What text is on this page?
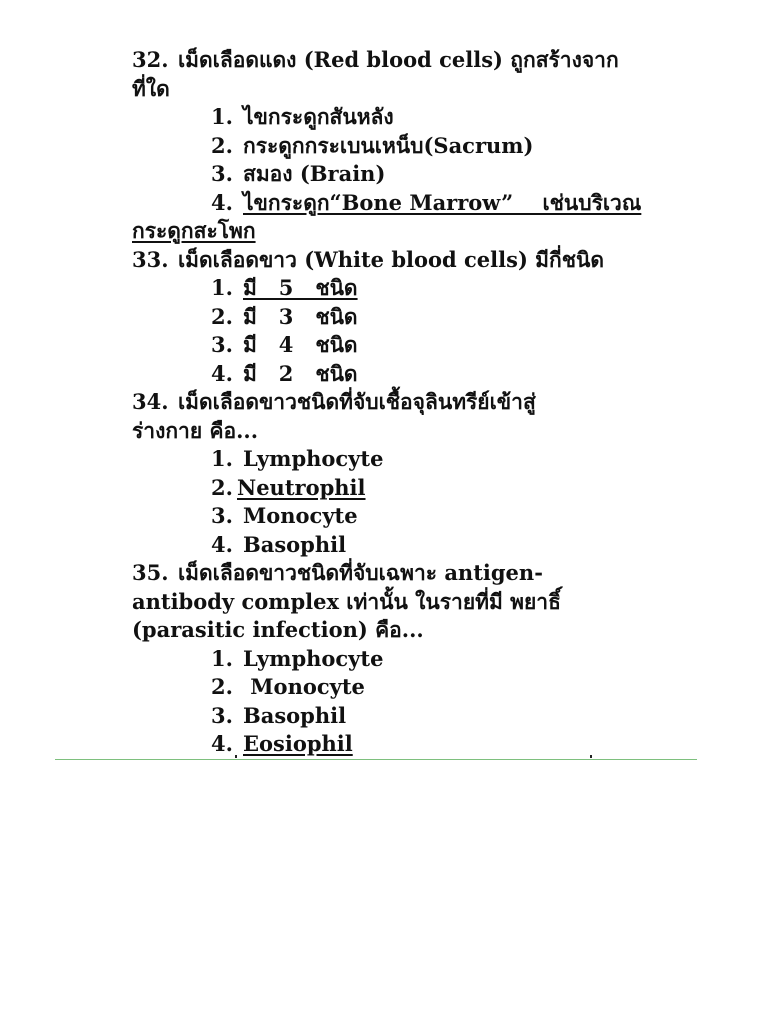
32. เม็ดเลือดแดง (Red blood cells) ถูกสร้างจาก

ที่ใด

1. ไขกระดูกสันหลัง

2. กระดูกกระเบนเหน็บ(Sacrum)

3. สมอง (Brain)

4. ไขกระดูก“Bone Marrow”    เช่นบริเวณ

กระดูกสะโพก

33. เม็ดเลือดขาว (White blood cells) มีกี่ชนิด

1. มี   5   ชนิด

2. มี   3   ชนิด

3. มี   4   ชนิด

4. มี   2   ชนิด

34. เม็ดเลือดขาวชนิดที่จับเชื้อจุลินทรีย์เข้าสู่

ร่างกาย คือ...

1. Lymphocyte

2. Neutrophil

3. Monocyte

4. Basophil

35. เม็ดเลือดขาวชนิดที่จับเฉพาะ antigen-

antibody complex เท่านั้น ในรายที่มี พยาธิ์

(parasitic infection) คือ...

1. Lymphocyte

2. Monocyte

3. Basophil

4. Eosiophil
